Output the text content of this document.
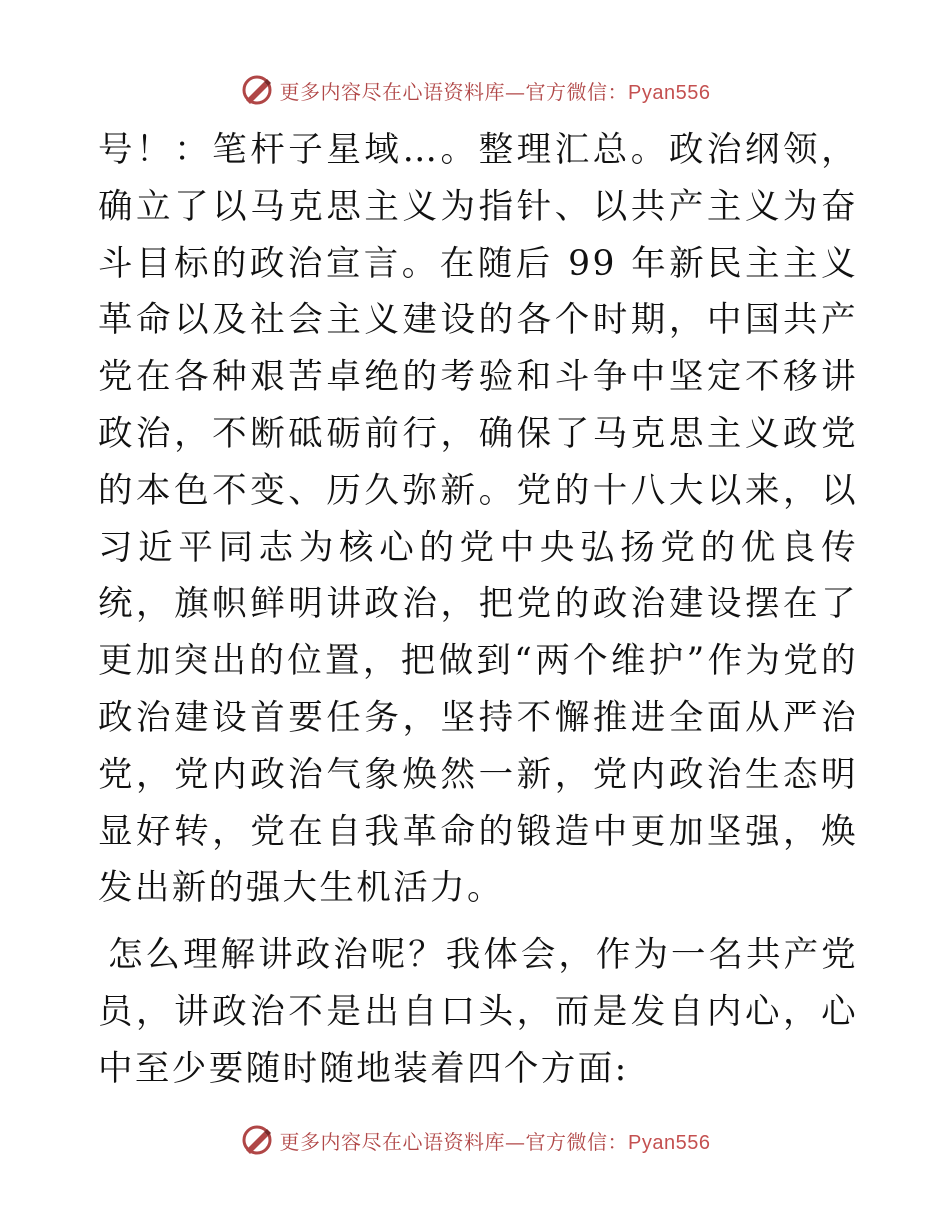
更多内容尽在心语资料库—官方微信：Pyan556

号！：笔杆子星域…。整理汇总。政治纲领，确立了以马克思主义为指针、以共产主义为奋斗目标的政治宣言。在随后 99 年新民主主义革命以及社会主义建设的各个时期，中国共产党在各种艰苦卓绝的考验和斗争中坚定不移讲政治，不断砥砺前行，确保了马克思主义政党的本色不变、历久弥新。党的十八大以来，以习近平同志为核心的党中央弘扬党的优良传统，旗帜鲜明讲政治，把党的政治建设摆在了更加突出的位置，把做到“两个维护”作为党的政治建设首要任务，坚持不懈推进全面从严治党，党内政治气象焕然一新，党内政治生态明显好转，党在自我革命的锻造中更加坚强，焕发出新的强大生机活力。

怎么理解讲政治呢？我体会，作为一名共产党员，讲政治不是出自口头，而是发自内心，心中至少要随时随地装着四个方面:

更多内容尽在心语资料库—官方微信：Pyan556
